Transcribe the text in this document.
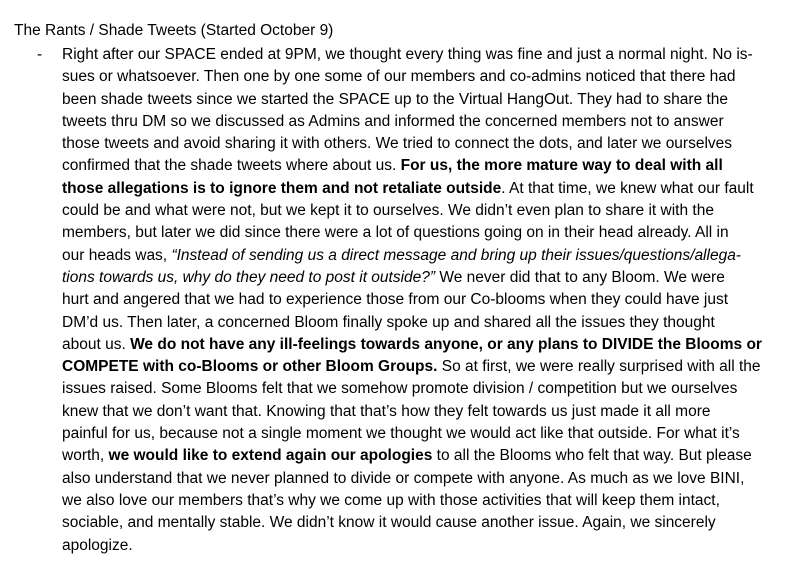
The Rants / Shade Tweets (Started October 9)
- Right after our SPACE ended at 9PM, we thought every thing was fine and just a normal night. No is-
sues or whatsoever. Then one by one some of our members and co-admins noticed that there had
been shade tweets since we started the SPACE up to the Virtual HangOut. They had to share the
tweets thru DM so we discussed as Admins and informed the concerned members not to answer
those tweets and avoid sharing it with others. We tried to connect the dots, and later we ourselves
confirmed that the shade tweets where about us. For us, the more mature way to deal with all
those allegations is to ignore them and not retaliate outside. At that time, we knew what our fault
could be and what were not, but we kept it to ourselves. We didn’t even plan to share it with the
members, but later we did since there were a lot of questions going on in their head already. All in
our heads was, “Instead of sending us a direct message and bring up their issues/questions/allega-
tions towards us, why do they need to post it outside?” We never did that to any Bloom. We were
hurt and angered that we had to experience those from our Co-blooms when they could have just
DM’d us. Then later, a concerned Bloom finally spoke up and shared all the issues they thought
about us. We do not have any ill-feelings towards anyone, or any plans to DIVIDE the Blooms or
COMPETE with co-Blooms or other Bloom Groups. So at first, we were really surprised with all the
issues raised. Some Blooms felt that we somehow promote division / competition but we ourselves
knew that we don’t want that. Knowing that that’s how they felt towards us just made it all more
painful for us, because not a single moment we thought we would act like that outside. For what it’s
worth, we would like to extend again our apologies to all the Blooms who felt that way. But please
also understand that we never planned to divide or compete with anyone. As much as we love BINI,
we also love our members that’s why we come up with those activities that will keep them intact,
sociable, and mentally stable. We didn’t know it would cause another issue. Again, we sincerely
apologize.
